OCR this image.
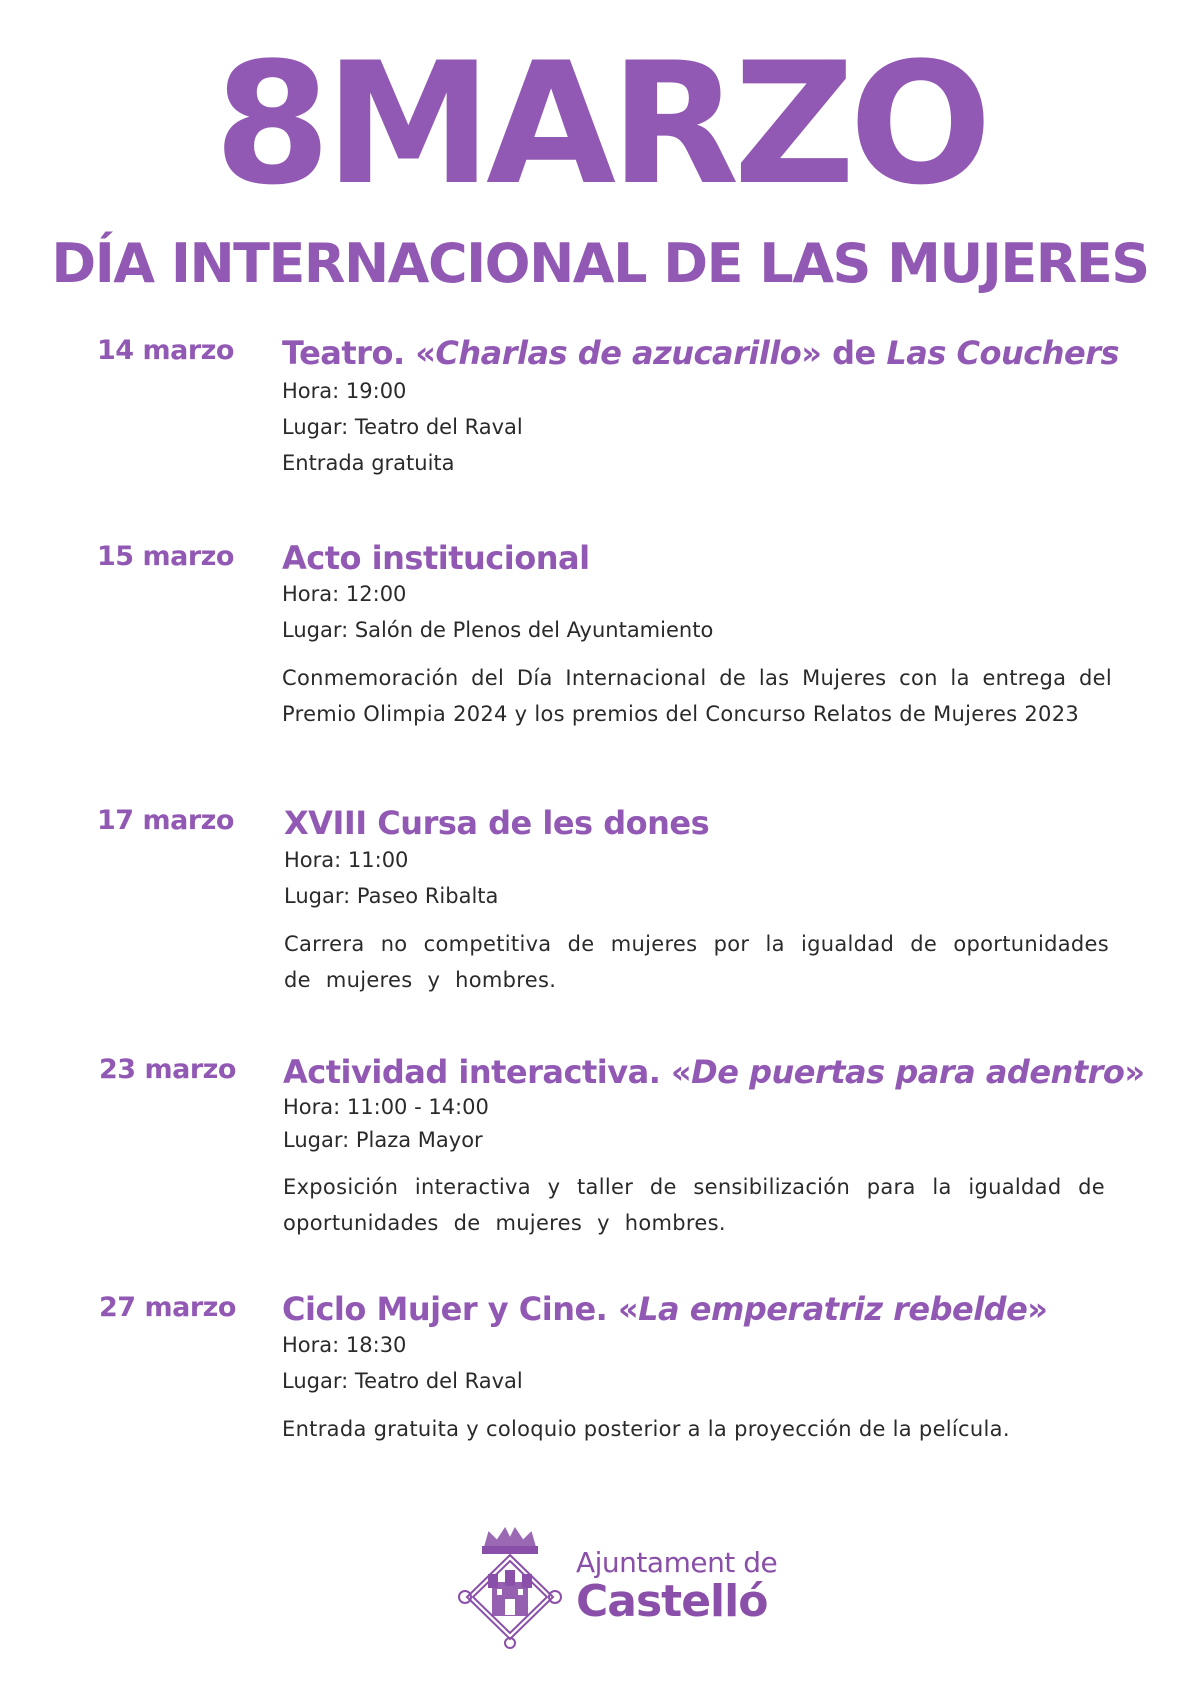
8MARZO
DÍA INTERNACIONAL DE LAS MUJERES
14 marzo Teatro. «Charlas de azucarillo» de Las Couchers
Hora: 19:00
Lugar: Teatro del Raval
Entrada gratuita
15 marzo Acto institucional
Hora: 12:00
Lugar: Salón de Plenos del Ayuntamiento
Conmemoración del Día Internacional de las Mujeres con la entrega del Premio Olimpia 2024 y los premios del Concurso Relatos de Mujeres 2023
17 marzo XVIII Cursa de les dones
Hora: 11:00
Lugar: Paseo Ribalta
Carrera no competitiva de mujeres por la igualdad de oportunidades de mujeres y hombres.
23 marzo Actividad interactiva. «De puertas para adentro»
Hora: 11:00 - 14:00
Lugar: Plaza Mayor
Exposición interactiva y taller de sensibilización para la igualdad de oportunidades de mujeres y hombres.
27 marzo Ciclo Mujer y Cine. «La emperatriz rebelde»
Hora: 18:30
Lugar: Teatro del Raval
Entrada gratuita y coloquio posterior a la proyección de la película.
Ajuntament de
Castelló
